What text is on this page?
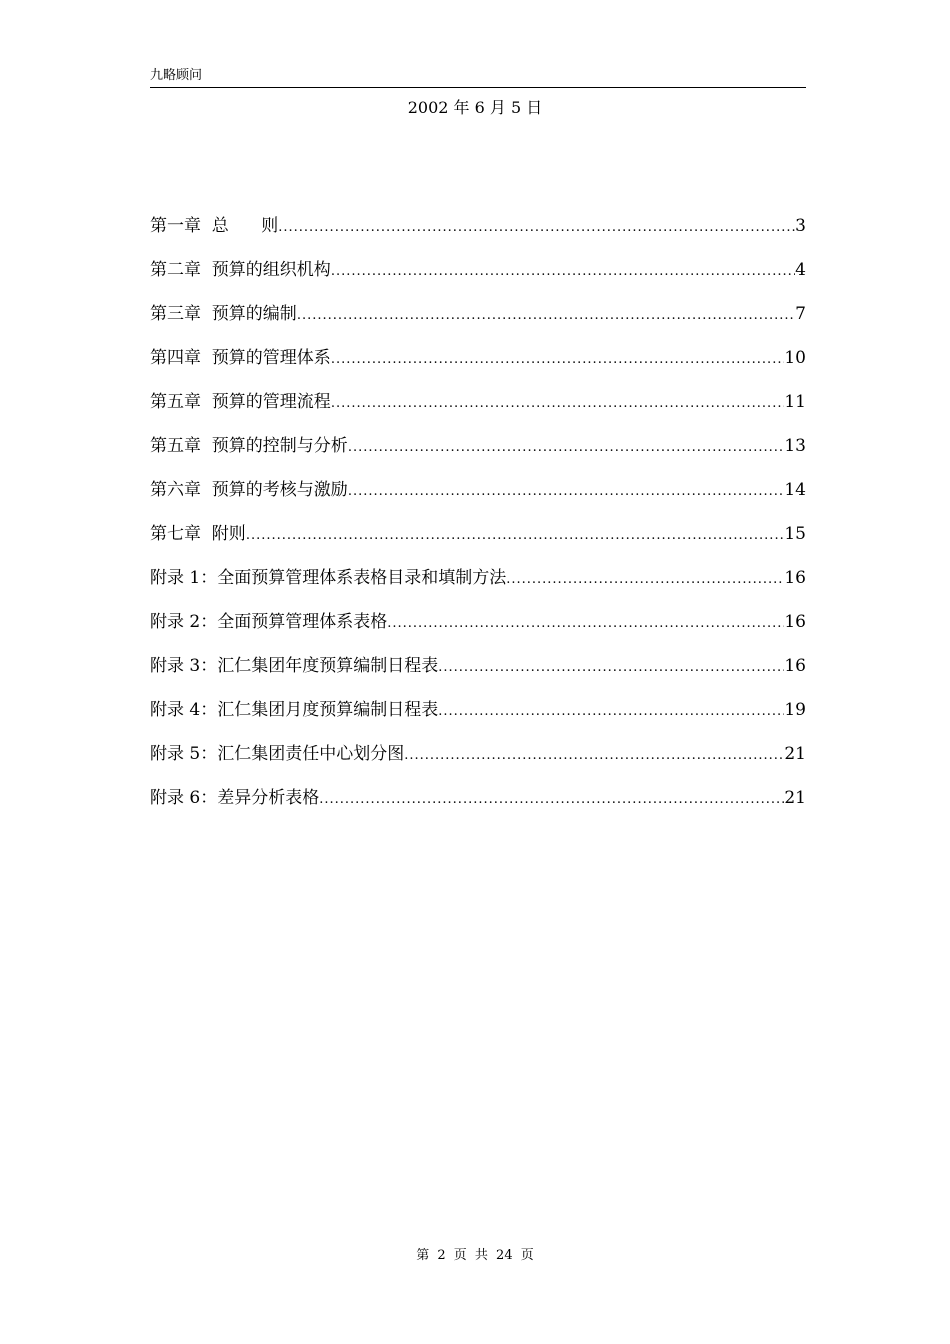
九略顾问
2002 年 6 月 5 日
第一章  总      则 .....	3
第二章  预算的组织机构 .....	4
第三章  预算的编制 .....	7
第四章  预算的管理体系 .....	10
第五章  预算的管理流程 .....	11
第五章  预算的控制与分析 .....	13
第六章  预算的考核与激励 .....	14
第七章  附则 .....	15
附录 1：全面预算管理体系表格目录和填制方法 .....	16
附录 2：全面预算管理体系表格 .....	16
附录 3：汇仁集团年度预算编制日程表 .....	16
附录 4：汇仁集团月度预算编制日程表 .....	19
附录 5：汇仁集团责任中心划分图 .....	21
附录 6：差异分析表格 .....	21
第 2 页 共 24 页
